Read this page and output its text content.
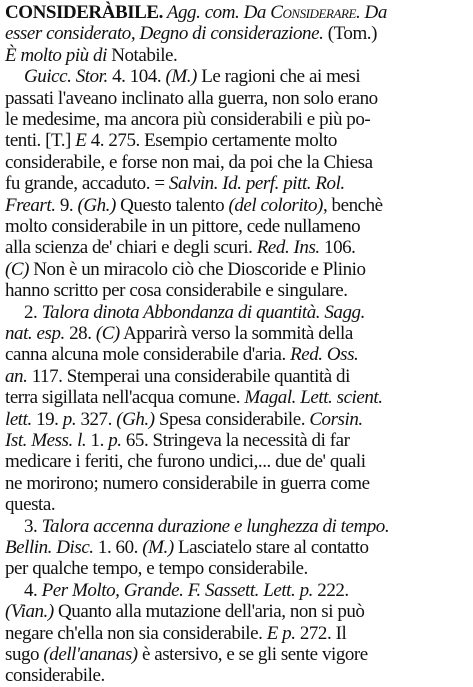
CONSIDERÀBILE. Agg. com. Da Considerare. Da
esser considerato, Degno di considerazione. (Tom.)
È molto più di Notabile.
Guicc. Stor. 4. 104. (M.) Le ragioni che ai mesi
passati l'aveano inclinato alla guerra, non solo erano
le medesime, ma ancora più considerabili e più po-
tenti. [T.] E 4. 275. Esempio certamente molto
considerabile, e forse non mai, da poi che la Chiesa
fu grande, accaduto. = Salvin. Id. perf. pitt. Rol.
Freart. 9. (Gh.) Questo talento (del colorito), benchè
molto considerabile in un pittore, cede nullameno
alla scienza de' chiari e degli scuri. Red. Ins. 106.
(C) Non è un miracolo ciò che Dioscoride e Plinio
hanno scritto per cosa considerabile e singulare.
2. Talora dinota Abbondanza di quantità. Sagg.
nat. esp. 28. (C) Apparirà verso la sommità della
canna alcuna mole considerabile d'aria. Red. Oss.
an. 117. Stemperai una considerabile quantità di
terra sigillata nell'acqua comune. Magal. Lett. scient.
lett. 19. p. 327. (Gh.) Spesa considerabile. Corsin.
Ist. Mess. l. 1. p. 65. Stringeva la necessità di far
medicare i feriti, che furono undici,... due de' quali
ne morirono; numero considerabile in guerra come
questa.
3. Talora accenna durazione e lunghezza di tempo.
Bellin. Disc. 1. 60. (M.) Lasciatelo stare al contatto
per qualche tempo, e tempo considerabile.
4. Per Molto, Grande. F. Sassett. Lett. p. 222.
(Vian.) Quanto alla mutazione dell'aria, non si può
negare ch'ella non sia considerabile. E p. 272. Il
sugo (dell'ananas) è astersivo, e se gli sente vigore
considerabile.
